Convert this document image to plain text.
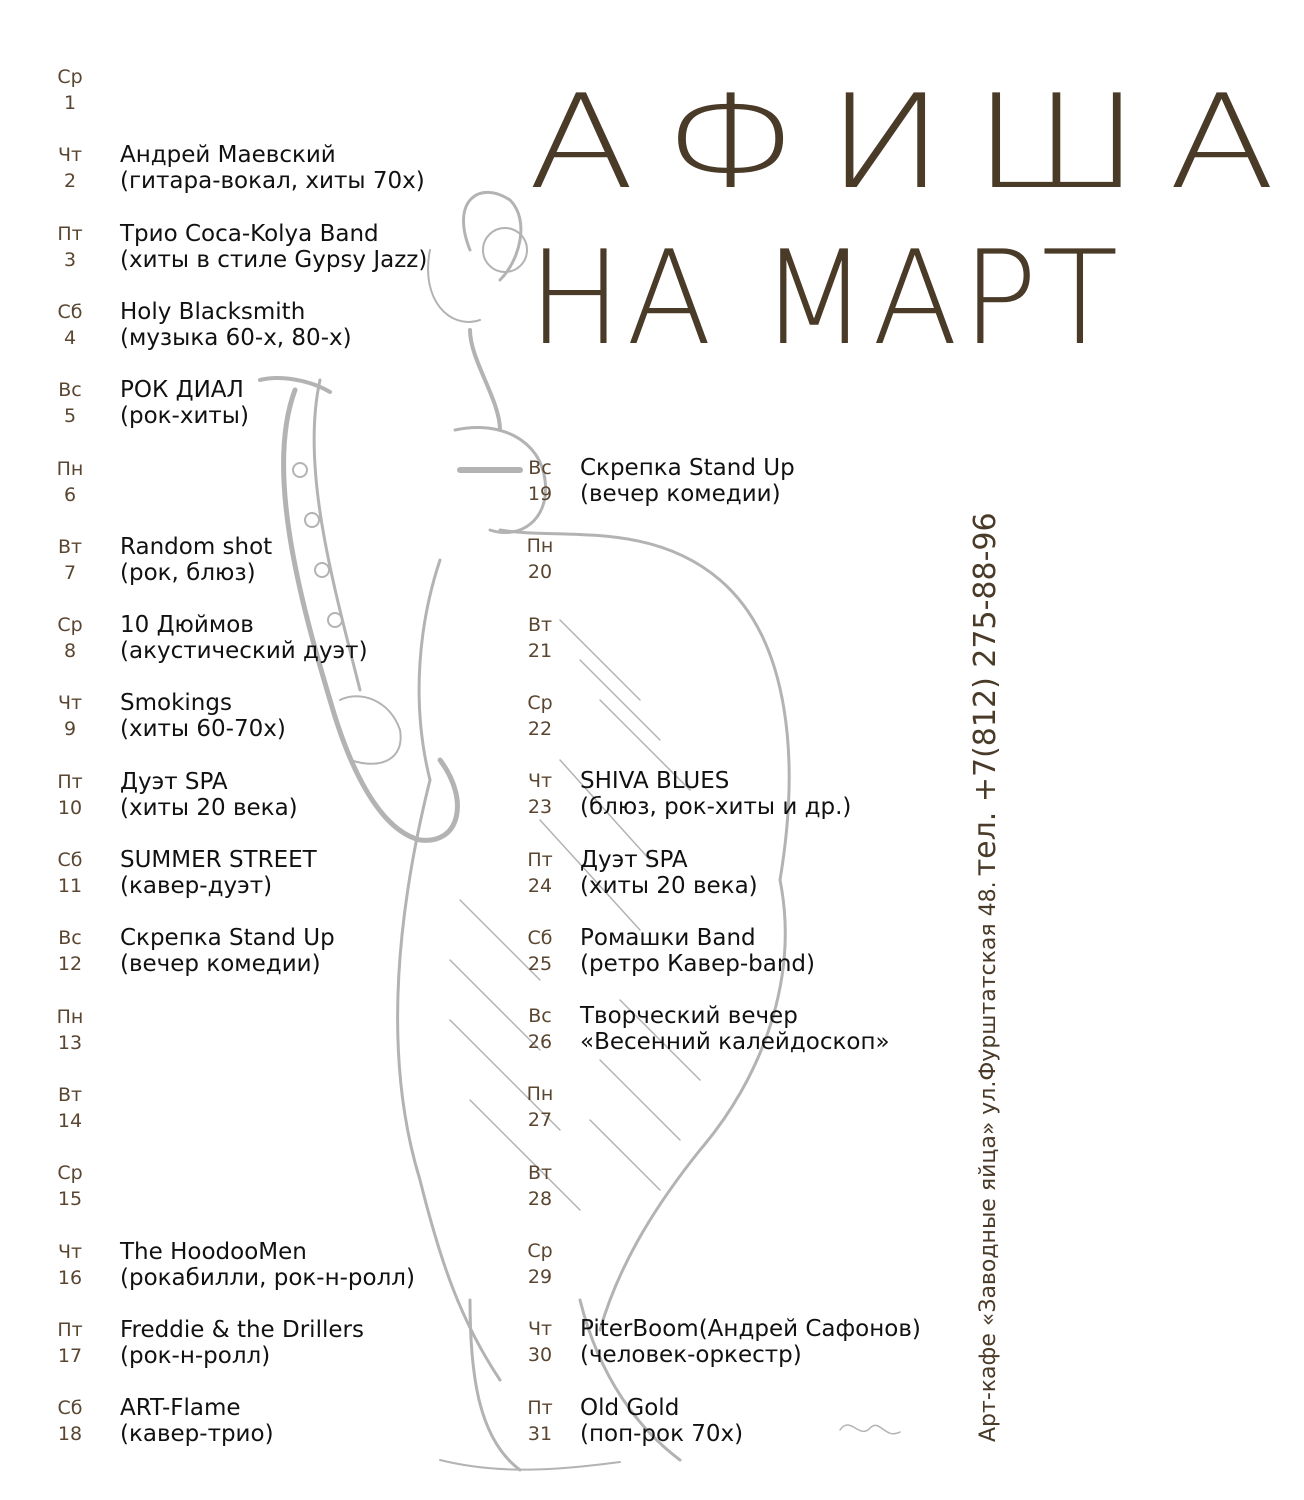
АФИША
НА МАРТ
Ср
1
Чт
2
Андрей Маевский
(гитара-вокал, хиты 70х)
Пт
3
Трио Coca-Kolya Band
(хиты в стиле Gypsy Jazz)
Сб
4
Holy Blacksmith
(музыка 60-х, 80-х)
Вс
5
РОК ДИАЛ
(рок-хиты)
Пн
6
Вт
7
Random shot
(рок, блюз)
Ср
8
10 Дюймов
(акустический дуэт)
Чт
9
Smokings
(хиты 60-70х)
Пт
10
Дуэт SPA
(хиты 20 века)
Сб
11
SUMMER STREET
(кавер-дуэт)
Вс
12
Скрепка Stand Up
(вечер комедии)
Пн
13
Вт
14
Ср
15
Чт
16
The HoodooMen
(рокабилли, рок-н-ролл)
Пт
17
Freddie & the Drillers
(рок-н-ролл)
Сб
18
ART-Flame
(кавер-трио)
Вс
19
Скрепка Stand Up
(вечер комедии)
Пн
20
Вт
21
Ср
22
Чт
23
SHIVA BLUES
(блюз, рок-хиты и др.)
Пт
24
Дуэт SPA
(хиты 20 века)
Сб
25
Ромашки Band
(ретро Кавер-band)
Вс
26
Творческий вечер
«Весенний калейдоскоп»
Пн
27
Вт
28
Ср
29
Чт
30
PiterBoom(Андрей Сафонов)
(человек-оркестр)
Пт
31
Old Gold
(поп-рок 70х)	Арт-кафе «Заводные яйца» ул.Фурштатская 48. тел. +7(812) 275-88-96
